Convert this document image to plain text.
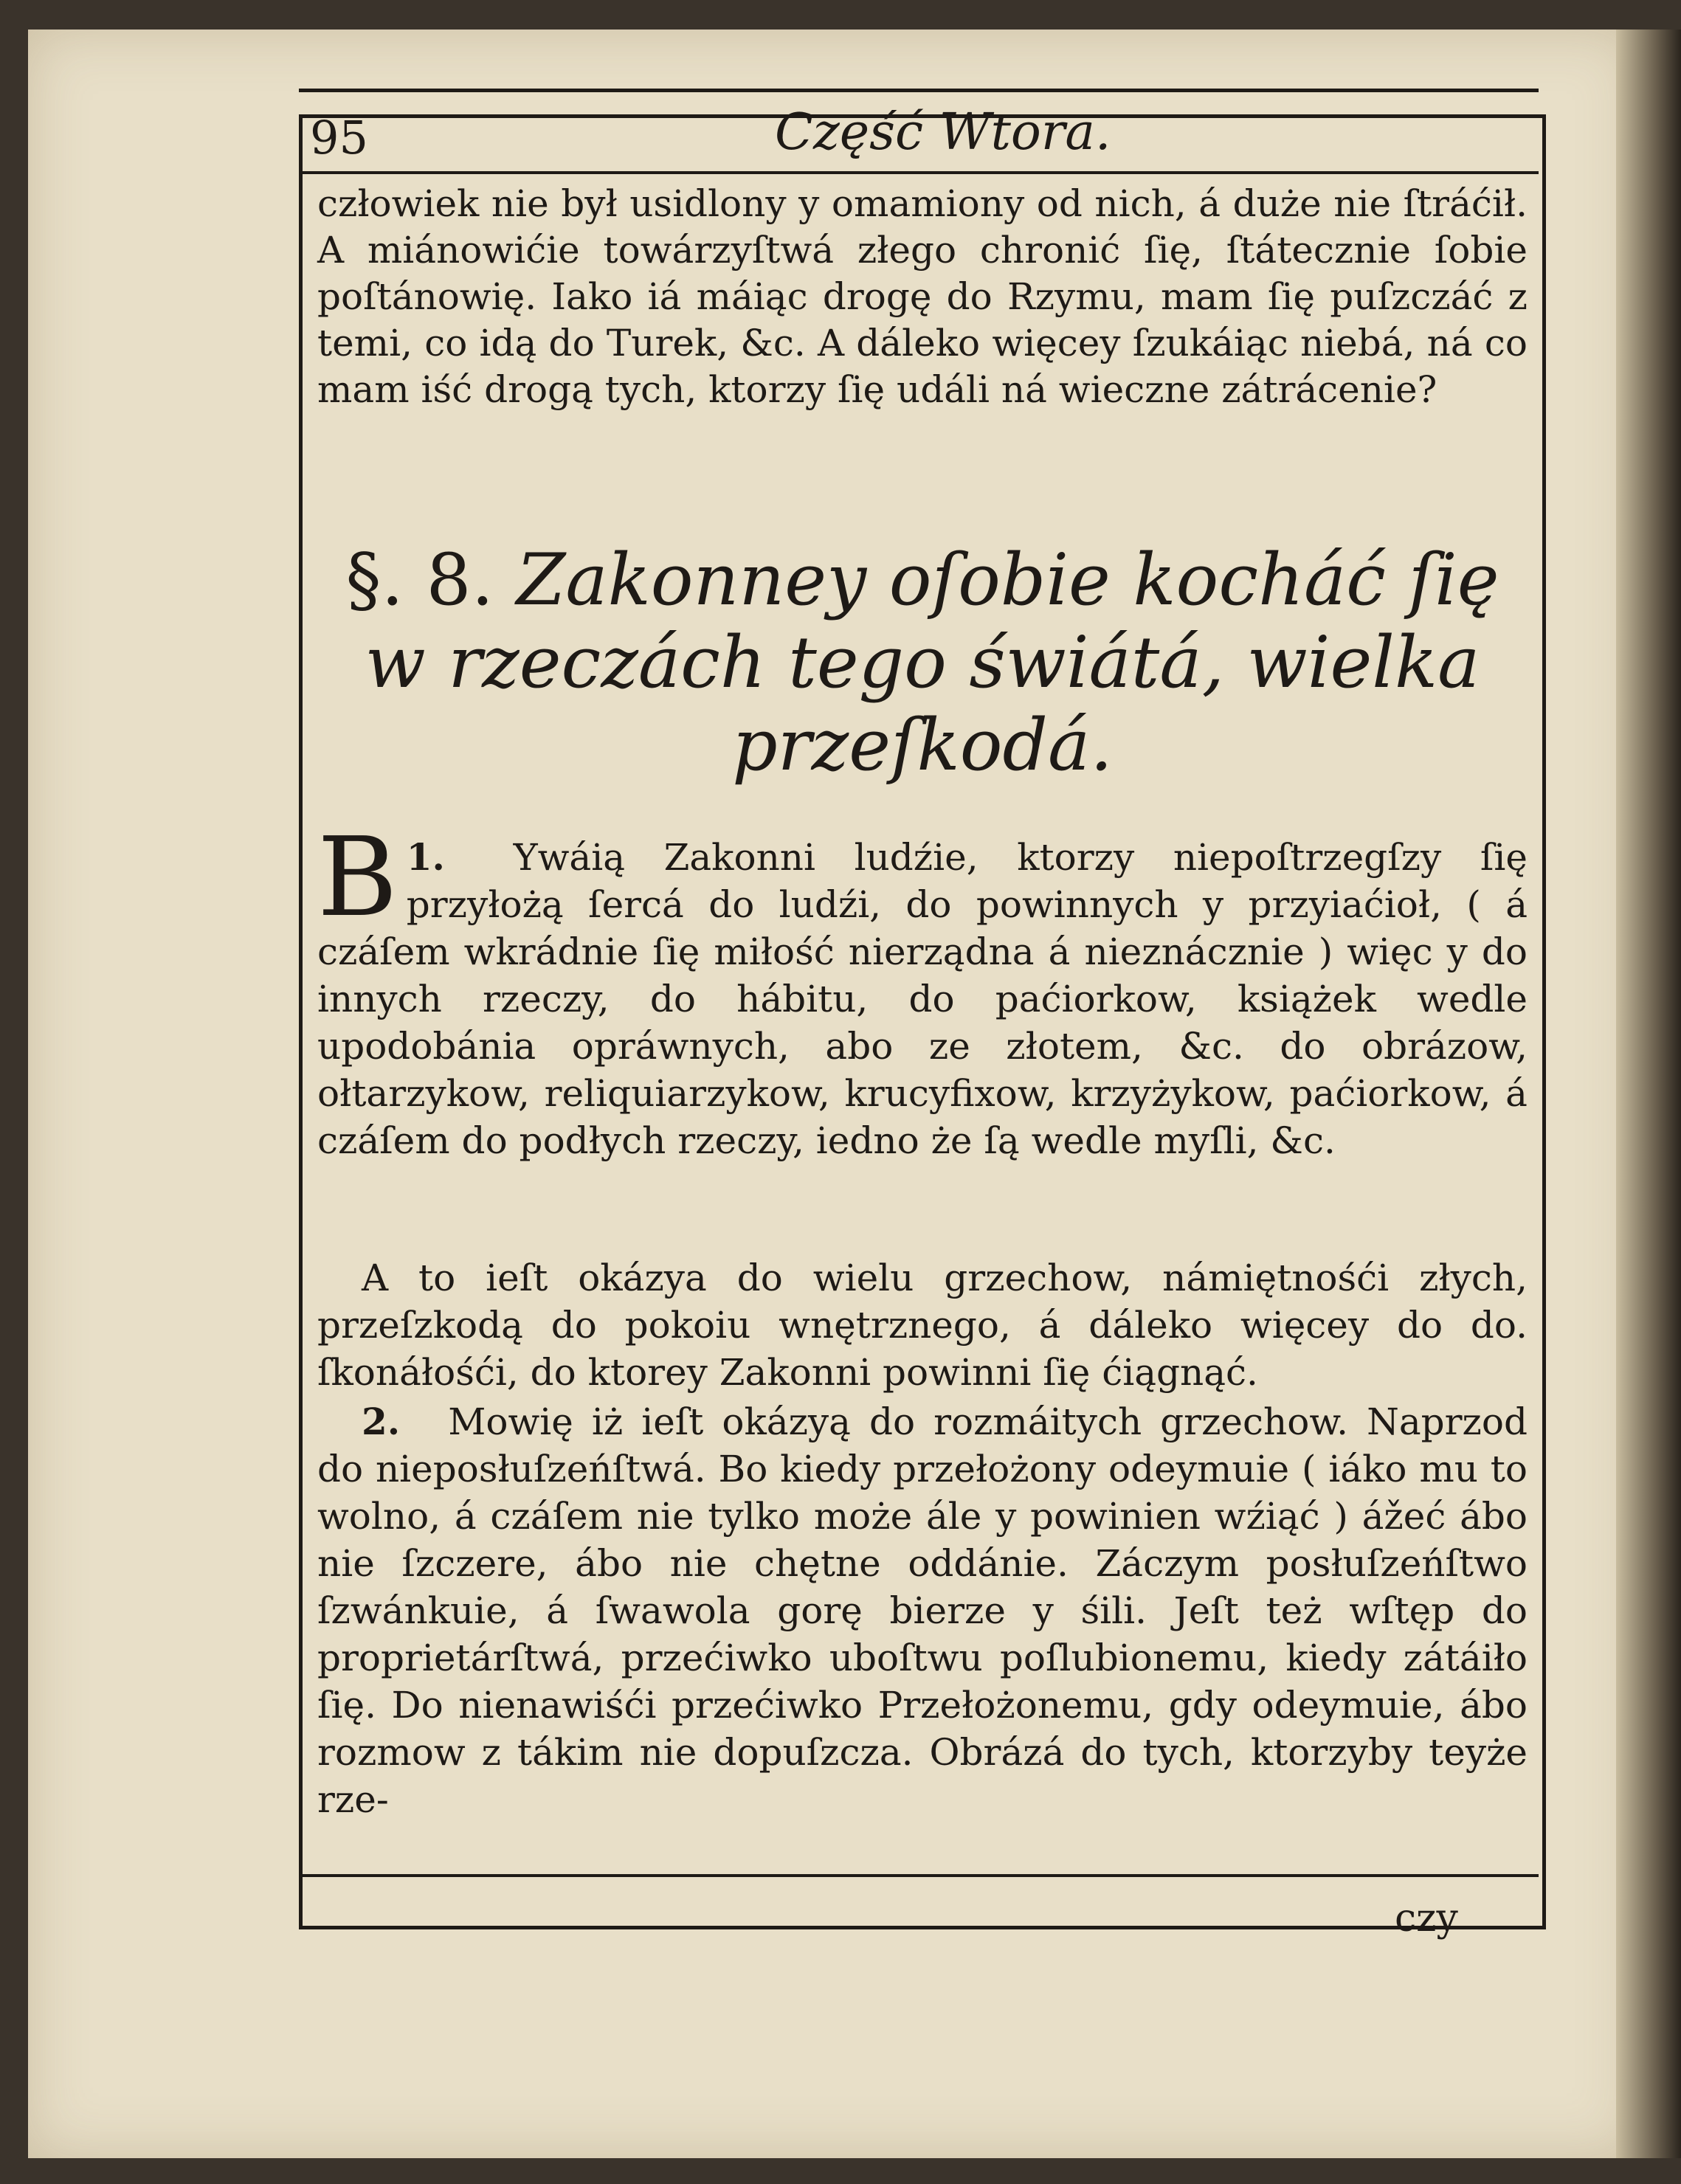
95	Część Wtora.

człowiek nie był usidlony y omamiony od nich, á duże nie ſtráćił. A miánowićie towárzyſtwá złego chronić ſię, ſtátecznie ſobie poſtánowię. Iako iá máiąc drogę do Rzymu, mam ſię puſzczáć z temi, co idą do Turek, &c. A dáleko więcey ſzukáiąc niebá, ná co mam iść drogą tych, ktorzy ſię událi ná wieczne zátrácenie?

§. 8. Zakonney oſobie kocháć ſię w rzeczách tego świátá, wielka przeſkodá.
1.
B	Ywáią Zakonni ludźie, ktorzy niepoſtrzegſzy ſię przyłożą ſercá do ludźi, do powinnych y przyiaćioł, ( á czáſem wkrádnie ſię miłość nierządna á nieznácznie ) więc y do innych rzeczy, do hábitu, do paćiorkow, książek wedle upodobánia opráwnych, abo ze złotem, &c. do obrázow, ołtarzykow, reliquiarzykow, krucyfixow, krzyżykow, paćiorkow, á czáſem do podłych rzeczy, iedno że ſą wedle myſli, &c.
A to ieſt okázya do wielu grzechow, námiętnośći złych, przeſzkodą do pokoiu wnętrznego, á dáleko więcey do do. ſkonáłośći, do ktorey Zakonni powinni ſię ćiągnąć.
2. Mowię iż ieſt okázyą do rozmáitych grzechow. Naprzod do nieposłuſzeńſtwá. Bo kiedy przełożony odeymuie ( iáko mu to wolno, á czáſem nie tylko może ále y powinien wźiąć ) ážeć ábo nie ſzczere, ábo nie chętne oddánie. Záczym posłuſzeńſtwo ſzwánkuie, á ſwawola gorę bierze y śili. Jeſt też wſtęp do proprietárſtwá, przećiwko uboſtwu poſlubionemu, kiedy zátáiło ſię. Do nienawiśći przećiwko Przełożonemu, gdy odeymuie, ábo rozmow z tákim nie dopuſzcza. Obrázá do tych, ktorzyby teyże rze-
czy
